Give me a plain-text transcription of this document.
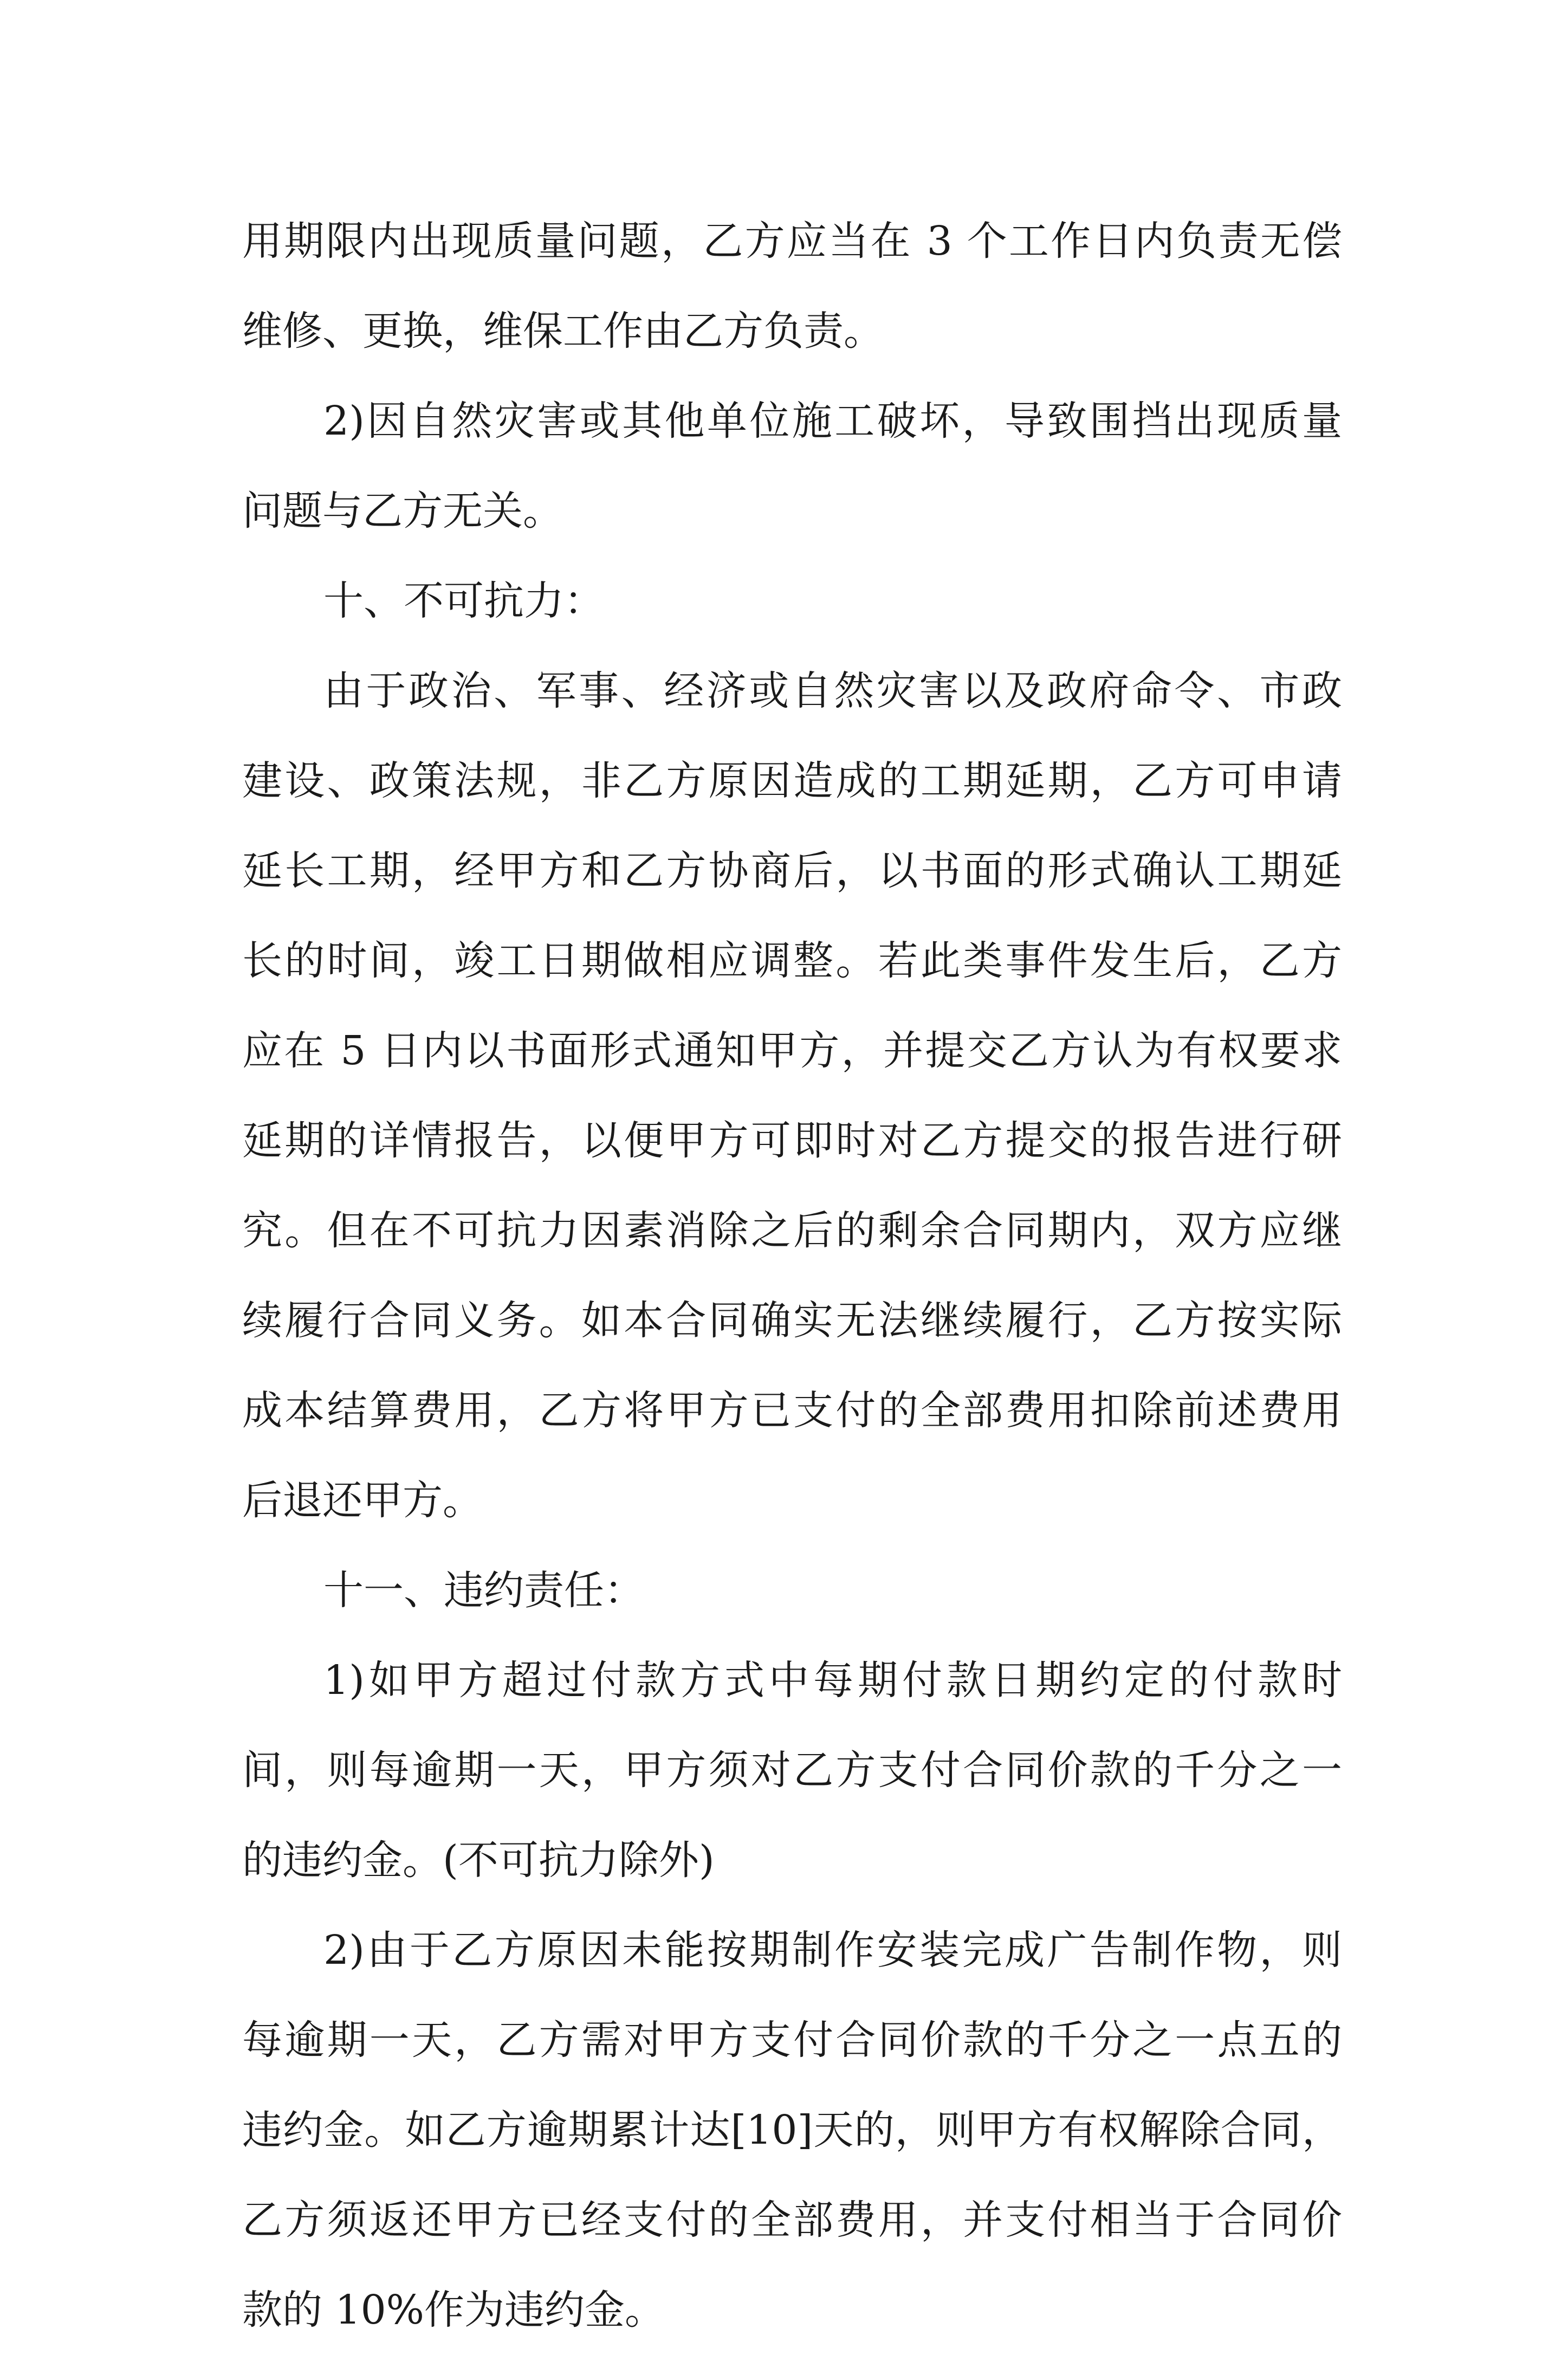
用期限内出现质量问题，乙方应当在 3 个工作日内负责无偿
维修、更换，维保工作由乙方负责。
2)因自然灾害或其他单位施工破坏，导致围挡出现质量
问题与乙方无关。
十、不可抗力：
由于政治、军事、经济或自然灾害以及政府命令、市政
建设、政策法规，非乙方原因造成的工期延期，乙方可申请
延长工期，经甲方和乙方协商后，以书面的形式确认工期延
长的时间，竣工日期做相应调整。若此类事件发生后，乙方
应在 5 日内以书面形式通知甲方，并提交乙方认为有权要求
延期的详情报告，以便甲方可即时对乙方提交的报告进行研
究。但在不可抗力因素消除之后的剩余合同期内，双方应继
续履行合同义务。如本合同确实无法继续履行，乙方按实际
成本结算费用，乙方将甲方已支付的全部费用扣除前述费用
后退还甲方。
十一、违约责任：
1)如甲方超过付款方式中每期付款日期约定的付款时
间，则每逾期一天，甲方须对乙方支付合同价款的千分之一
的违约金。(不可抗力除外)
2)由于乙方原因未能按期制作安装完成广告制作物，则
每逾期一天，乙方需对甲方支付合同价款的千分之一点五的
违约金。如乙方逾期累计达[10]天的，则甲方有权解除合同，
乙方须返还甲方已经支付的全部费用，并支付相当于合同价
款的 10%作为违约金。
